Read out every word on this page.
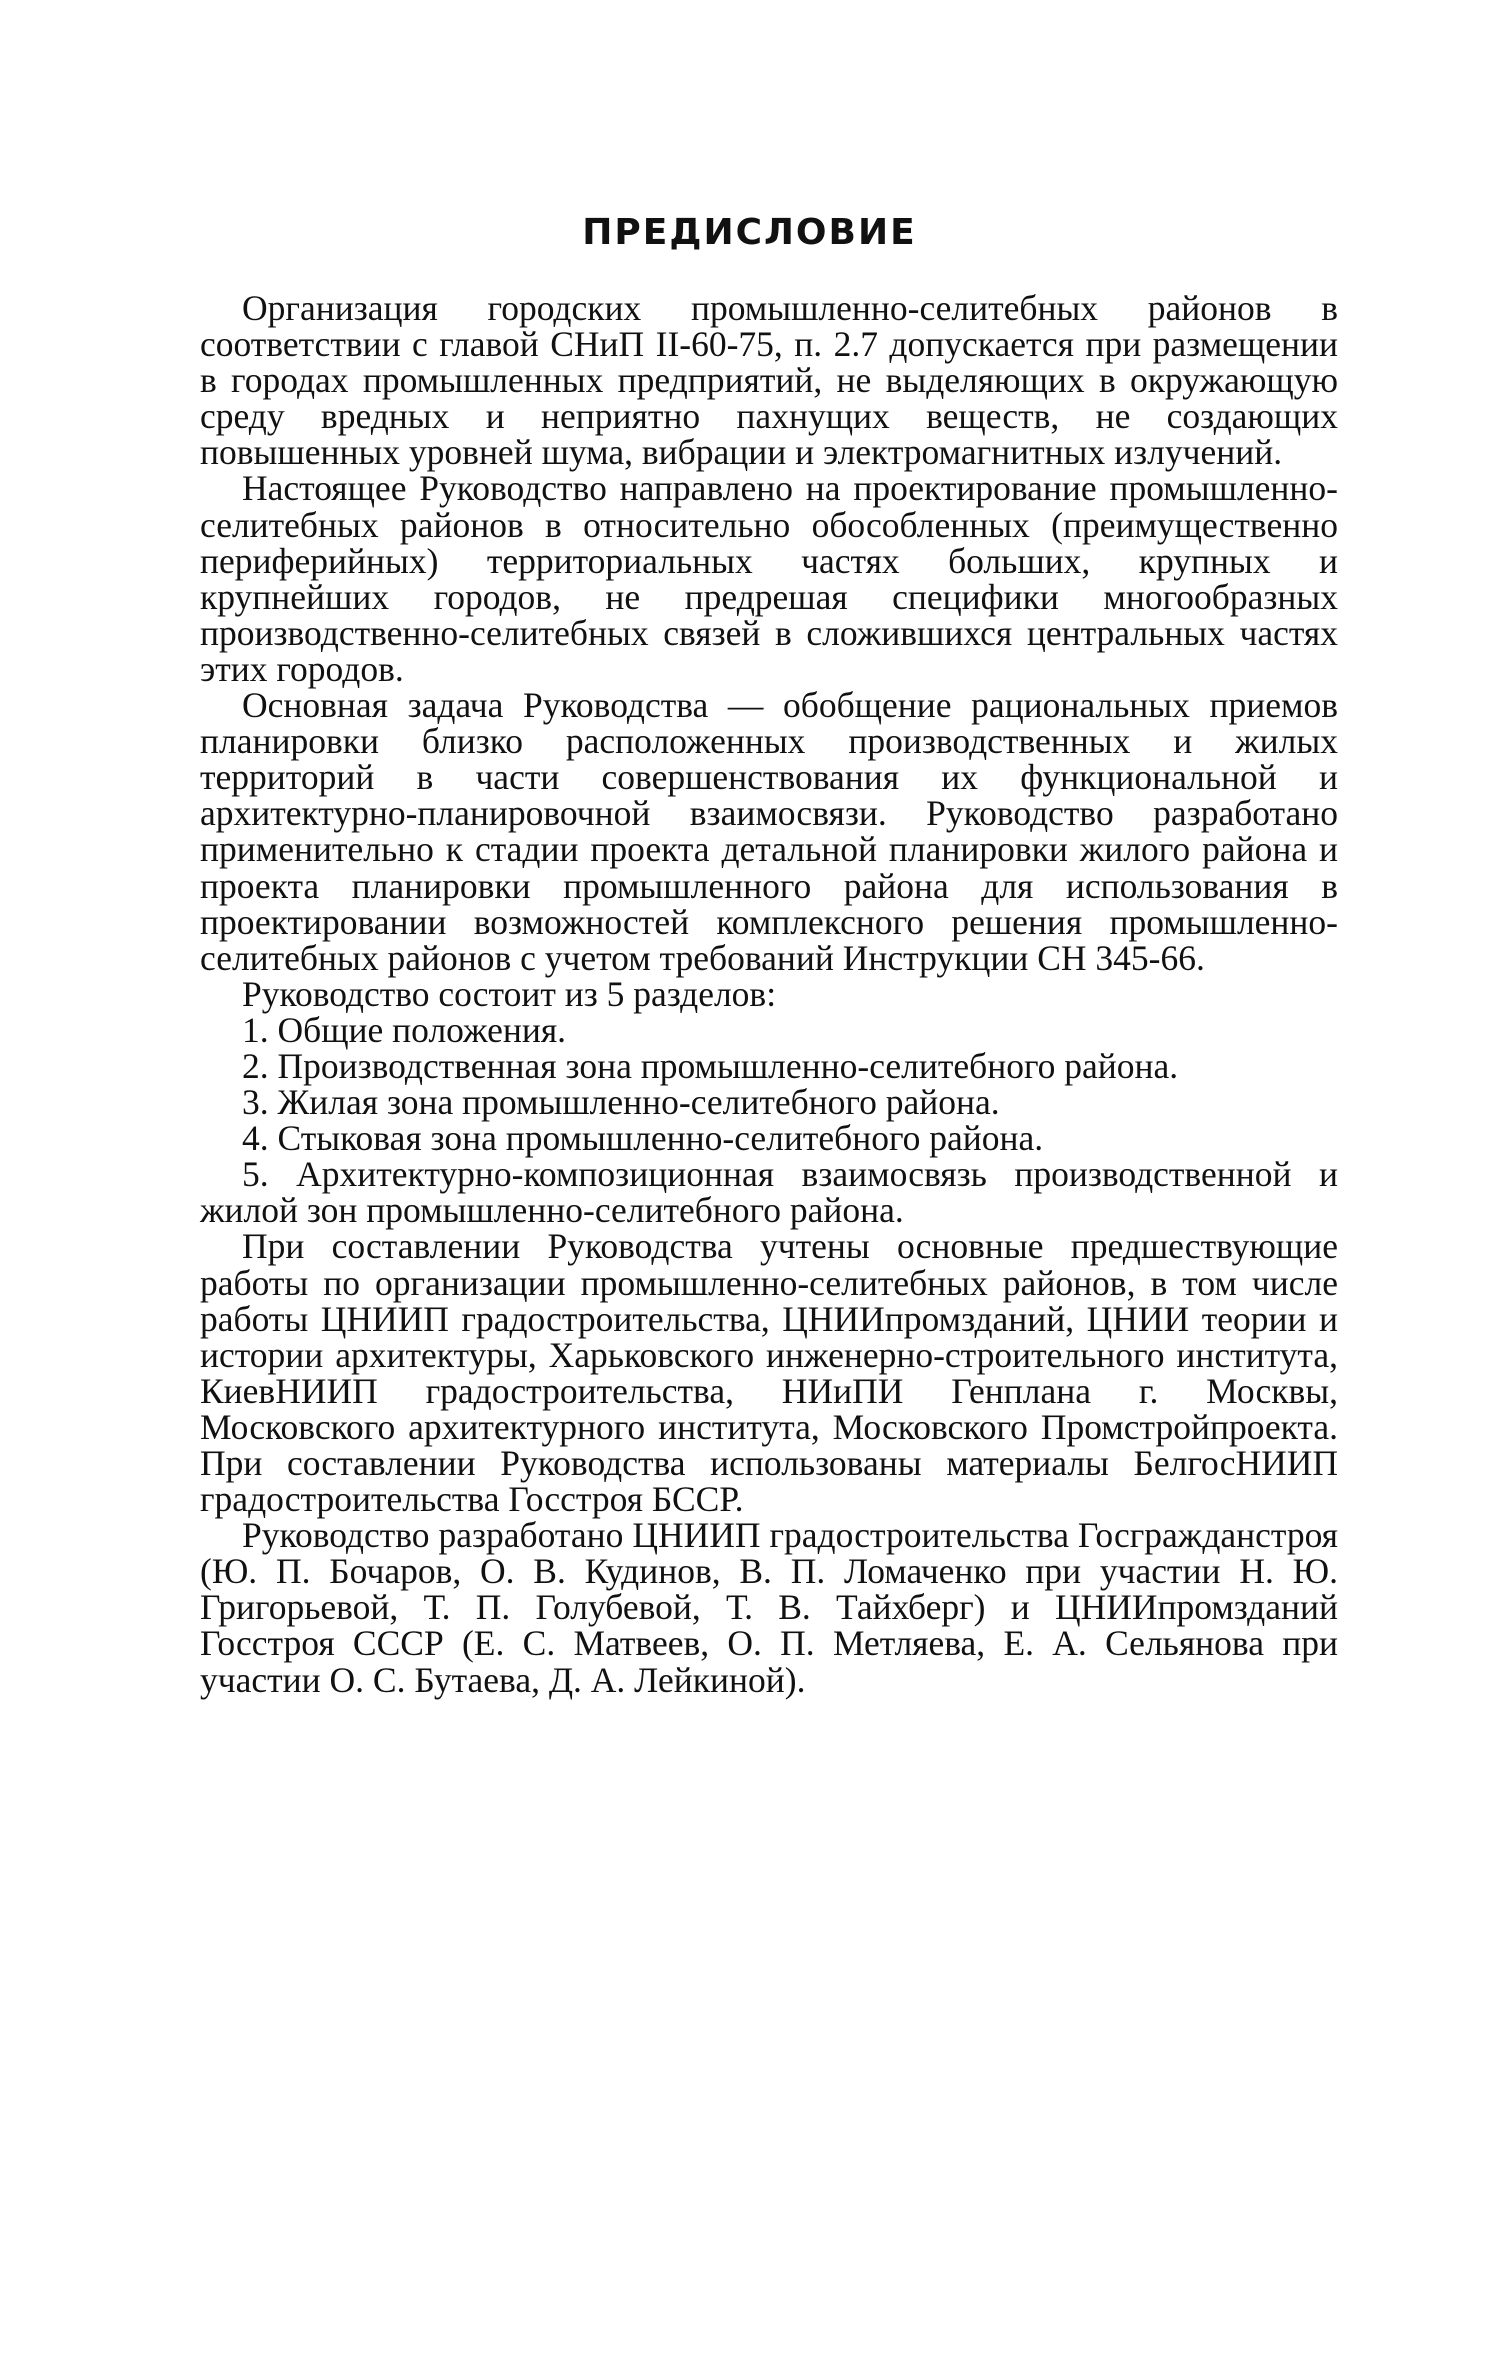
ПРЕДИСЛОВИЕ

Организация городских промышленно-селитебных районов в соответствии с главой СНиП II-60-75, п. 2.7 допускается при размещении в городах промышленных предприятий, не выделяющих в окружающую среду вредных и неприятно пахнущих веществ, не создающих повышенных уровней шума, вибрации и электромагнитных излучений.

Настоящее Руководство направлено на проектирование промышленно-селитебных районов в относительно обособленных (преимущественно периферийных) территориальных частях больших, крупных и крупнейших городов, не предрешая специфики многообразных производственно-селитебных связей в сложившихся центральных частях этих городов.

Основная задача Руководства — обобщение рациональных приемов планировки близко расположенных производственных и жилых территорий в части совершенствования их функциональной и архитектурно-планировочной взаимосвязи. Руководство разработано применительно к стадии проекта детальной планировки жилого района и проекта планировки промышленного района для использования в проектировании возможностей комплексного решения промышленно-селитебных районов с учетом требований Инструкции СН 345-66.

Руководство состоит из 5 разделов:

1. Общие положения.
2. Производственная зона промышленно-селитебного района.
3. Жилая зона промышленно-селитебного района.
4. Стыковая зона промышленно-селитебного района.
5. Архитектурно-композиционная взаимосвязь производственной и жилой зон промышленно-селитебного района.

При составлении Руководства учтены основные предшествующие работы по организации промышленно-селитебных районов, в том числе работы ЦНИИП градостроительства, ЦНИИпромзданий, ЦНИИ теории и истории архитектуры, Харьковского инженерно-строительного института, КиевНИИП градостроительства, НИиПИ Генплана г. Москвы, Московского архитектурного института, Московского Промстройпроекта. При составлении Руководства использованы материалы БелгосНИИП градостроительства Госстроя БССР.

Руководство разработано ЦНИИП градостроительства Госгражданстроя (Ю. П. Бочаров, О. В. Кудинов, В. П. Ломаченко при участии Н. Ю. Григорьевой, Т. П. Голубевой, Т. В. Тайхберг) и ЦНИИпромзданий Госстроя СССР (Е. С. Матвеев, О. П. Метляева, Е. А. Сельянова при участии О. С. Бутаева, Д. А. Лейкиной).
